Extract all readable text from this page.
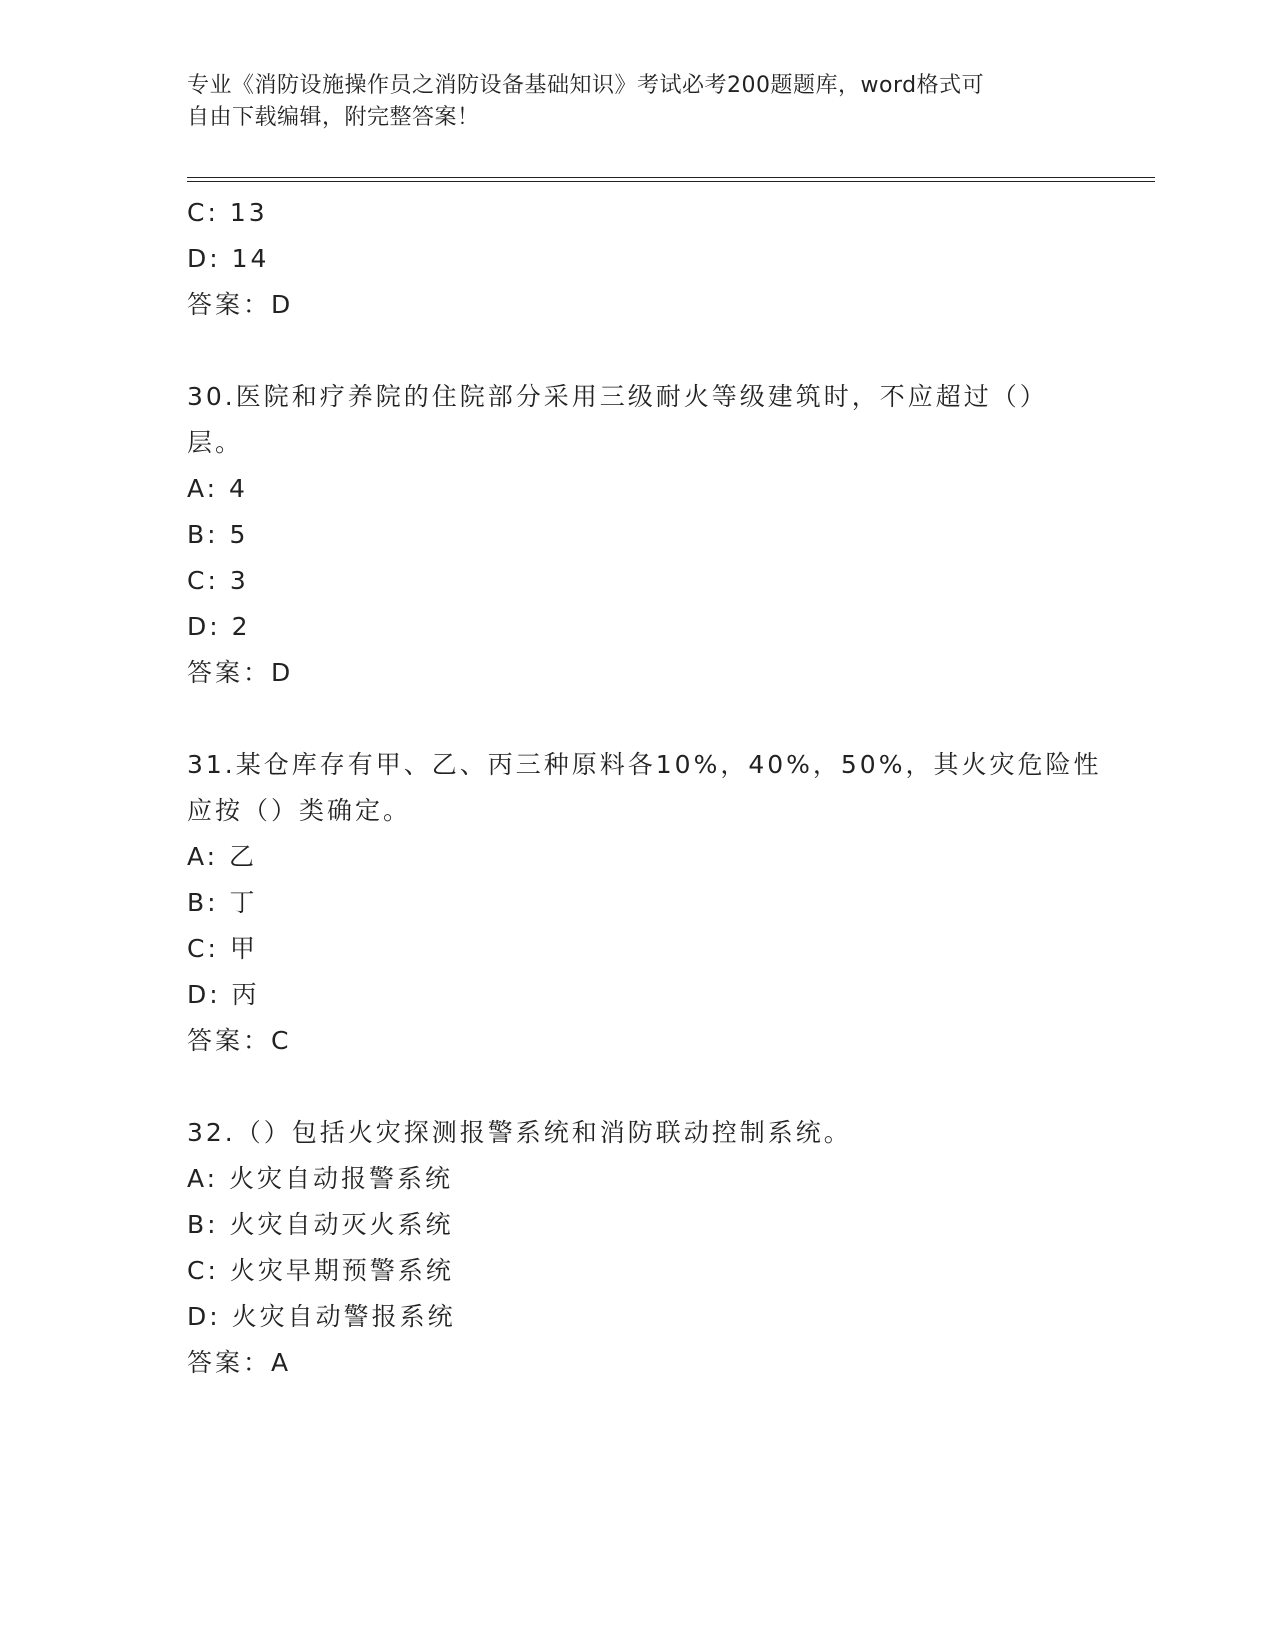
专业《消防设施操作员之消防设备基础知识》考试必考200题题库，word格式可
自由下载编辑，附完整答案！
C: 13
D: 14
答案：D
30.医院和疗养院的住院部分采用三级耐火等级建筑时，不应超过（）
层。
A: 4
B: 5
C: 3
D: 2
答案：D
31.某仓库存有甲、乙、丙三种原料各10%，40%，50%，其火灾危险性
应按（）类确定。
A: 乙
B: 丁
C: 甲
D: 丙
答案：C
32.（）包括火灾探测报警系统和消防联动控制系统。
A: 火灾自动报警系统
B: 火灾自动灭火系统
C: 火灾早期预警系统
D: 火灾自动警报系统
答案：A
